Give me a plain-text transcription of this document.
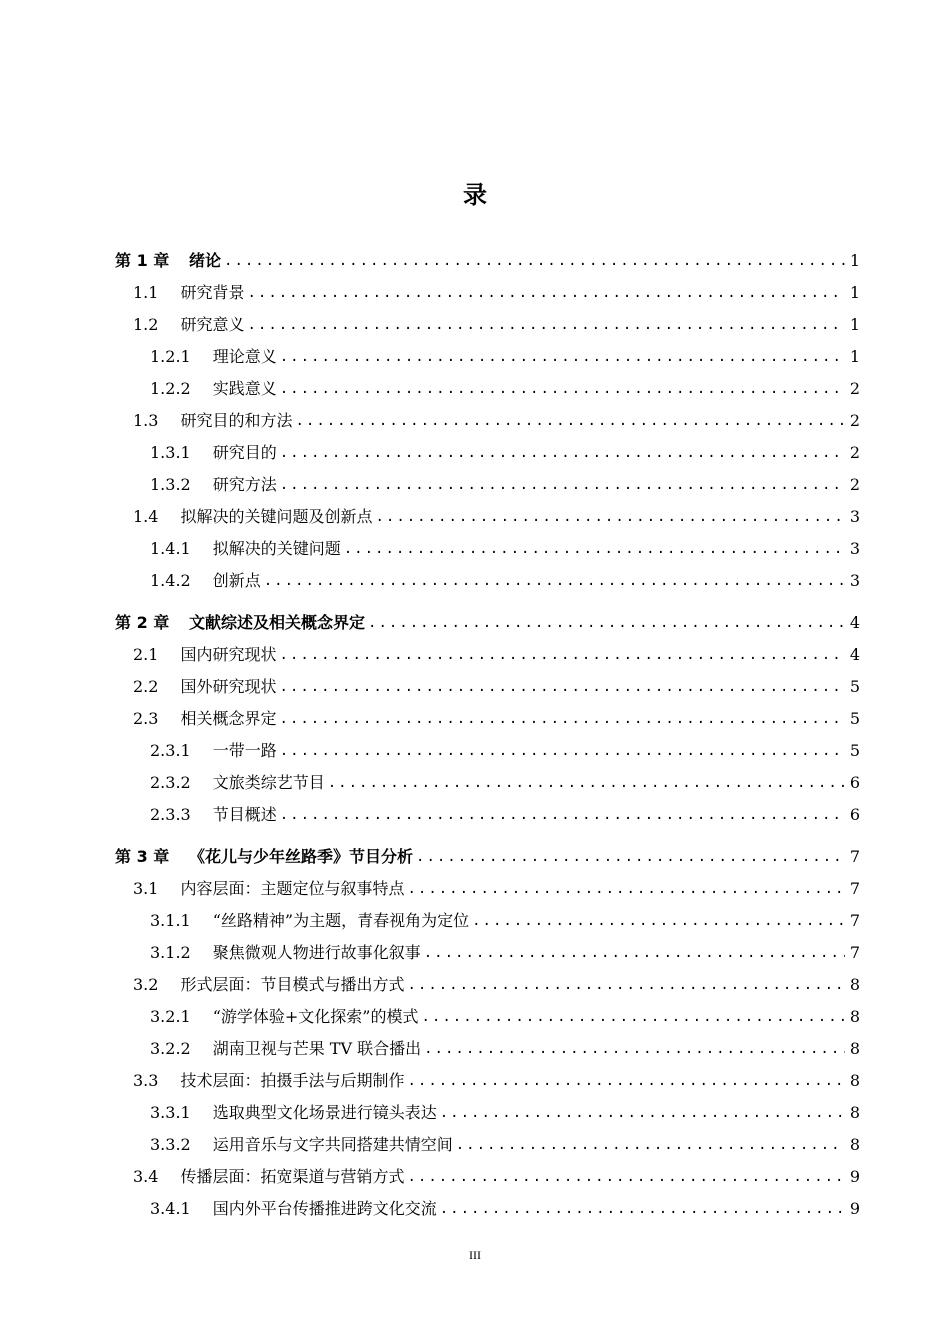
录
第 1 章	绪论 .....	1
1.1	研究背景 .....	1
1.2	研究意义 .....	1
1.2.1	理论意义 .....	1
1.2.2	实践意义 .....	2
1.3	研究目的和方法 .....	2
1.3.1	研究目的 .....	2
1.3.2	研究方法 .....	2
1.4	拟解决的关键问题及创新点 .....	3
1.4.1	拟解决的关键问题 .....	3
1.4.2	创新点 .....	3
第 2 章	文献综述及相关概念界定 .....	4
2.1	国内研究现状 .....	4
2.2	国外研究现状 .....	5
2.3	相关概念界定 .....	5
2.3.1	一带一路 .....	5
2.3.2	文旅类综艺节目 .....	6
2.3.3	节目概述 .....	6
第 3 章	《花儿与少年丝路季》节目分析 .....	7
3.1	内容层面：主题定位与叙事特点 .....	7
3.1.1	“丝路精神”为主题，青春视角为定位 .....	7
3.1.2	聚焦微观人物进行故事化叙事 .....	7
3.2	形式层面：节目模式与播出方式 .....	8
3.2.1	“游学体验+文化探索”的模式 .....	8
3.2.2	湖南卫视与芒果 TV 联合播出 .....	8
3.3	技术层面：拍摄手法与后期制作 .....	8
3.3.1	选取典型文化场景进行镜头表达 .....	8
3.3.2	运用音乐与文字共同搭建共情空间 .....	8
3.4	传播层面：拓宽渠道与营销方式 .....	9
3.4.1	国内外平台传播推进跨文化交流 .....	9
III
